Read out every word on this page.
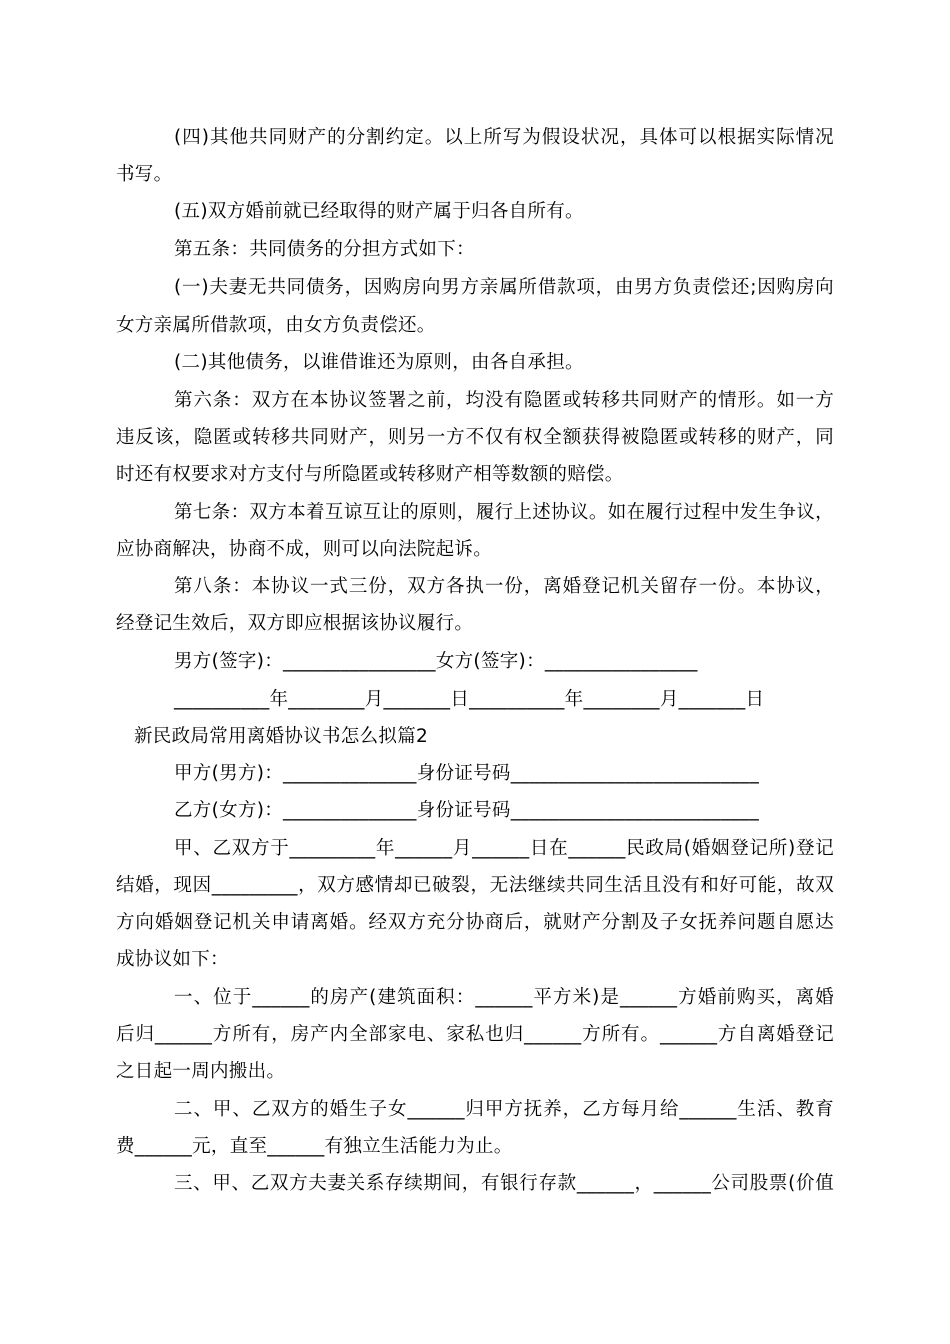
(四)其他共同财产的分割约定。以上所写为假设状况，具体可以根据实际情况
书写。
(五)双方婚前就已经取得的财产属于归各自所有。
第五条：共同债务的分担方式如下：
(一)夫妻无共同债务，因购房向男方亲属所借款项，由男方负责偿还;因购房向
女方亲属所借款项，由女方负责偿还。
(二)其他债务，以谁借谁还为原则，由各自承担。
第六条：双方在本协议签署之前，均没有隐匿或转移共同财产的情形。如一方
违反该，隐匿或转移共同财产，则另一方不仅有权全额获得被隐匿或转移的财产，同
时还有权要求对方支付与所隐匿或转移财产相等数额的赔偿。
第七条：双方本着互谅互让的原则，履行上述协议。如在履行过程中发生争议，
应协商解决，协商不成，则可以向法院起诉。
第八条：本协议一式三份，双方各执一份，离婚登记机关留存一份。本协议，
经登记生效后，双方即应根据该协议履行。
男方(签字)：________________女方(签字)：________________
__________年________月_______日__________年________月_______日
新民政局常用离婚协议书怎么拟篇2
甲方(男方)：______________身份证号码__________________________
乙方(女方)：______________身份证号码__________________________
甲、乙双方于_________年______月______日在______民政局(婚姻登记所)登记
结婚，现因_________，双方感情却已破裂，无法继续共同生活且没有和好可能，故双
方向婚姻登记机关申请离婚。经双方充分协商后，就财产分割及子女抚养问题自愿达
成协议如下：
一、位于______的房产(建筑面积：______平方米)是______方婚前购买，离婚
后归______方所有，房产内全部家电、家私也归______方所有。______方自离婚登记
之日起一周内搬出。
二、甲、乙双方的婚生子女______归甲方抚养，乙方每月给______生活、教育
费______元，直至______有独立生活能力为止。
三、甲、乙双方夫妻关系存续期间，有银行存款______，______公司股票(价值
